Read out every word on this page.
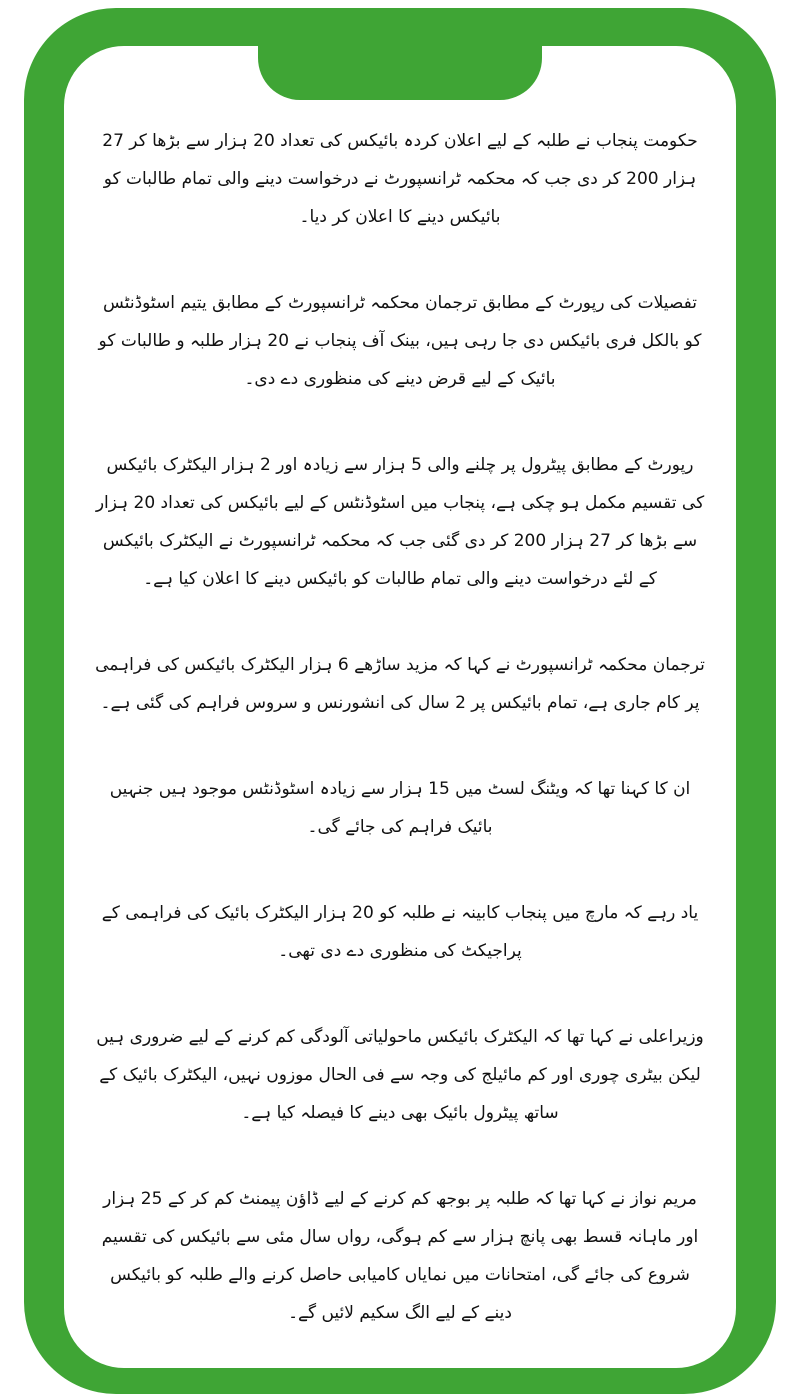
حکومت پنجاب نے طلبہ کے لیے اعلان کردہ بائیکس کی تعداد 20 ہزار سے بڑھا کر 27 ہزار 200 کر دی جب کہ محکمہ ٹرانسپورٹ نے درخواست دینے والی تمام طالبات کو بائیکس دینے کا اعلان کر دیا۔

تفصیلات کی رپورٹ کے مطابق ترجمان محکمہ ٹرانسپورٹ کے مطابق یتیم اسٹوڈنٹس کو بالکل فری بائیکس دی جا رہی ہیں، بینک آف پنجاب نے 20 ہزار طلبہ و طالبات کو بائیک کے لیے قرض دینے کی منظوری دے دی۔

رپورٹ کے مطابق پیٹرول پر چلنے والی 5 ہزار سے زیادہ اور 2 ہزار الیکٹرک بائیکس کی تقسیم مکمل ہو چکی ہے، پنجاب میں اسٹوڈنٹس کے لیے بائیکس کی تعداد 20 ہزار سے بڑھا کر 27 ہزار 200 کر دی گئی جب کہ محکمہ ٹرانسپورٹ نے الیکٹرک بائیکس کے لئے درخواست دینے والی تمام طالبات کو بائیکس دینے کا اعلان کیا ہے۔

ترجمان محکمہ ٹرانسپورٹ نے کہا کہ مزید ساڑھے 6 ہزار الیکٹرک بائیکس کی فراہمی پر کام جاری ہے، تمام بائیکس پر 2 سال کی انشورنس و سروس فراہم کی گئی ہے۔

ان کا کہنا تھا کہ ویٹنگ لسٹ میں 15 ہزار سے زیادہ اسٹوڈنٹس موجود ہیں جنہیں بائیک فراہم کی جائے گی۔

یاد رہے کہ مارچ میں پنجاب کابینہ نے طلبہ کو 20 ہزار الیکٹرک بائیک کی فراہمی کے پراجیکٹ کی منظوری دے دی تھی۔

وزیراعلی نے کہا تھا کہ الیکٹرک بائیکس ماحولیاتی آلودگی کم کرنے کے لیے ضروری ہیں لیکن بیٹری چوری اور کم مائیلج کی وجہ سے فی الحال موزوں نہیں، الیکٹرک بائیک کے ساتھ پیٹرول بائیک بھی دینے کا فیصلہ کیا ہے۔

مریم نواز نے کہا تھا کہ طلبہ پر بوجھ کم کرنے کے لیے ڈاؤن پیمنٹ کم کر کے 25 ہزار اور ماہانہ قسط بھی پانچ ہزار سے کم ہوگی، رواں سال مئی سے بائیکس کی تقسیم شروع کی جائے گی، امتحانات میں نمایاں کامیابی حاصل کرنے والے طلبہ کو بائیکس دینے کے لیے الگ سکیم لائیں گے۔
